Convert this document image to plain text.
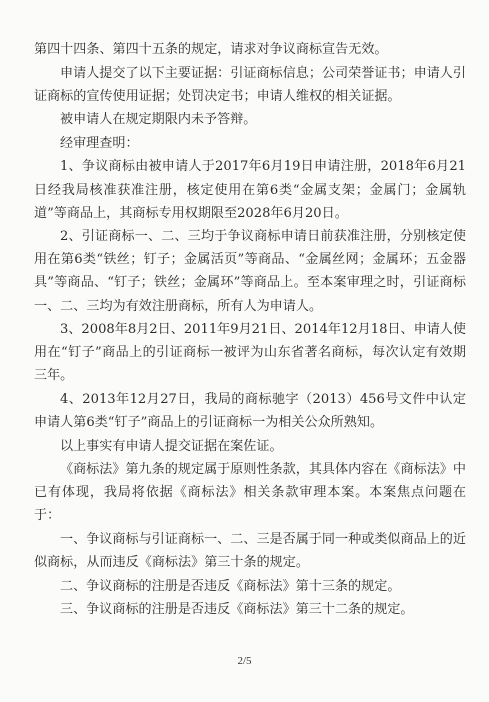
第四十四条、第四十五条的规定，请求对争议商标宣告无效。

申请人提交了以下主要证据：引证商标信息；公司荣誉证书；申请人引证商标的宣传使用证据；处罚决定书；申请人维权的相关证据。

被申请人在规定期限内未予答辩。

经审理查明：

1、争议商标由被申请人于2017年6月19日申请注册，2018年6月21日经我局核准获准注册，核定使用在第6类“金属支架；金属门；金属轨道”等商品上，其商标专用权期限至2028年6月20日。

2、引证商标一、二、三均于争议商标申请日前获准注册，分别核定使用在第6类“铁丝；钉子；金属活页”等商品、“金属丝网；金属环；五金器具”等商品、“钉子；铁丝；金属环”等商品上。至本案审理之时，引证商标一、二、三均为有效注册商标，所有人为申请人。

3、2008年8月2日、2011年9月21日、2014年12月18日、申请人使用在“钉子”商品上的引证商标一被评为山东省著名商标，每次认定有效期三年。

4、2013年12月27日，我局的商标驰字（2013）456号文件中认定申请人第6类“钉子”商品上的引证商标一为相关公众所熟知。

以上事实有申请人提交证据在案佐证。

《商标法》第九条的规定属于原则性条款，其具体内容在《商标法》中已有体现，我局将依据《商标法》相关条款审理本案。本案焦点问题在于：

一、争议商标与引证商标一、二、三是否属于同一种或类似商品上的近似商标，从而违反《商标法》第三十条的规定。

二、争议商标的注册是否违反《商标法》第十三条的规定。

三、争议商标的注册是否违反《商标法》第三十二条的规定。

2/5
